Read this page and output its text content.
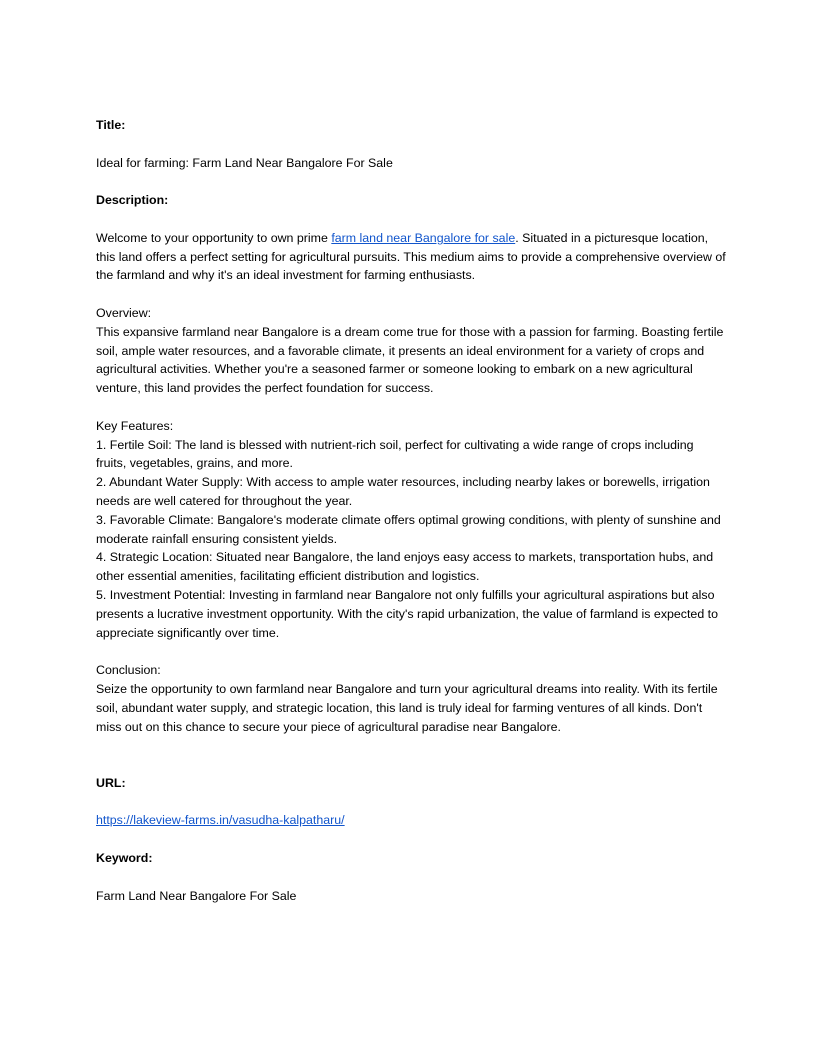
Title:

Ideal for farming: Farm Land Near Bangalore For Sale

Description:

Welcome to your opportunity to own prime farm land near Bangalore for sale. Situated in a picturesque location, this land offers a perfect setting for agricultural pursuits. This medium aims to provide a comprehensive overview of the farmland and why it's an ideal investment for farming enthusiasts.

Overview:

This expansive farmland near Bangalore is a dream come true for those with a passion for farming. Boasting fertile soil, ample water resources, and a favorable climate, it presents an ideal environment for a variety of crops and agricultural activities. Whether you're a seasoned farmer or someone looking to embark on a new agricultural venture, this land provides the perfect foundation for success.

Key Features:

1. Fertile Soil: The land is blessed with nutrient-rich soil, perfect for cultivating a wide range of crops including fruits, vegetables, grains, and more.

2. Abundant Water Supply: With access to ample water resources, including nearby lakes or borewells, irrigation needs are well catered for throughout the year.

3. Favorable Climate: Bangalore's moderate climate offers optimal growing conditions, with plenty of sunshine and moderate rainfall ensuring consistent yields.

4. Strategic Location: Situated near Bangalore, the land enjoys easy access to markets, transportation hubs, and other essential amenities, facilitating efficient distribution and logistics.

5. Investment Potential: Investing in farmland near Bangalore not only fulfills your agricultural aspirations but also presents a lucrative investment opportunity. With the city's rapid urbanization, the value of farmland is expected to appreciate significantly over time.

Conclusion:

Seize the opportunity to own farmland near Bangalore and turn your agricultural dreams into reality. With its fertile soil, abundant water supply, and strategic location, this land is truly ideal for farming ventures of all kinds. Don't miss out on this chance to secure your piece of agricultural paradise near Bangalore.

URL:

https://lakeview-farms.in/vasudha-kalpatharu/

Keyword:

Farm Land Near Bangalore For Sale
